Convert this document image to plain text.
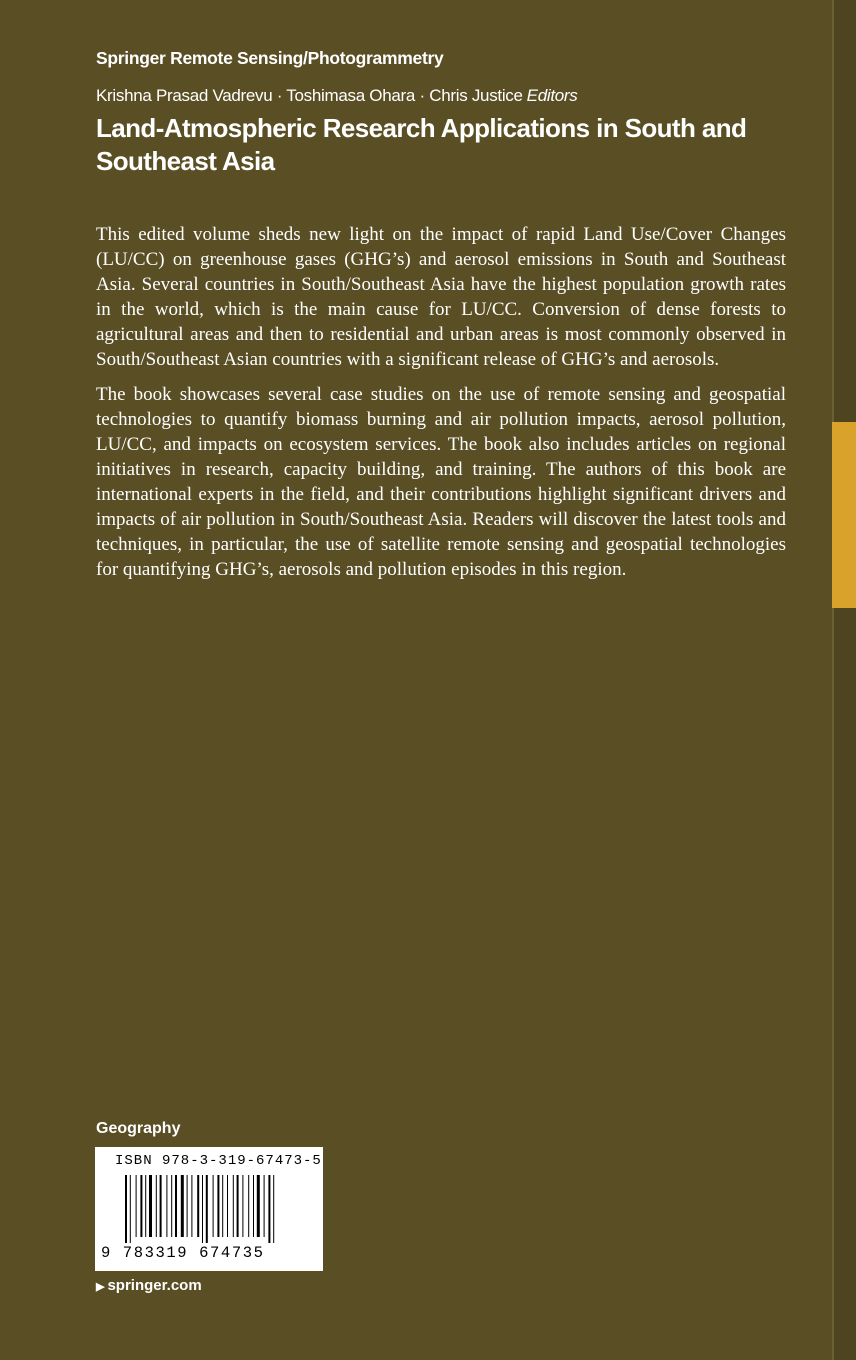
Springer Remote Sensing/Photogrammetry
Krishna Prasad Vadrevu · Toshimasa Ohara · Chris Justice Editors
Land-Atmospheric Research Applications in South and Southeast Asia

This edited volume sheds new light on the impact of rapid Land Use/Cover Changes (LU/CC) on greenhouse gases (GHG’s) and aerosol emissions in South and Southeast Asia. Several countries in South/Southeast Asia have the highest population growth rates in the world, which is the main cause for LU/CC. Conversion of dense forests to agricultural areas and then to residential and urban areas is most commonly observed in South/Southeast Asian countries with a significant release of GHG’s and aerosols.

The book showcases several case studies on the use of remote sensing and geospatial technologies to quantify biomass burning and air pollution impacts, aerosol pollution, LU/CC, and impacts on ecosystem services. The book also includes articles on regional initiatives in research, capacity building, and training. The authors of this book are international experts in the field, and their contributions highlight significant drivers and impacts of air pollution in South/Southeast Asia. Readers will discover the latest tools and techniques, in particular, the use of satellite remote sensing and geospatial technologies for quantifying GHG’s, aerosols and pollution episodes in this region.

Geography
ISBN 978-3-319-67473-5
9 783319 674735
▶ springer.com
